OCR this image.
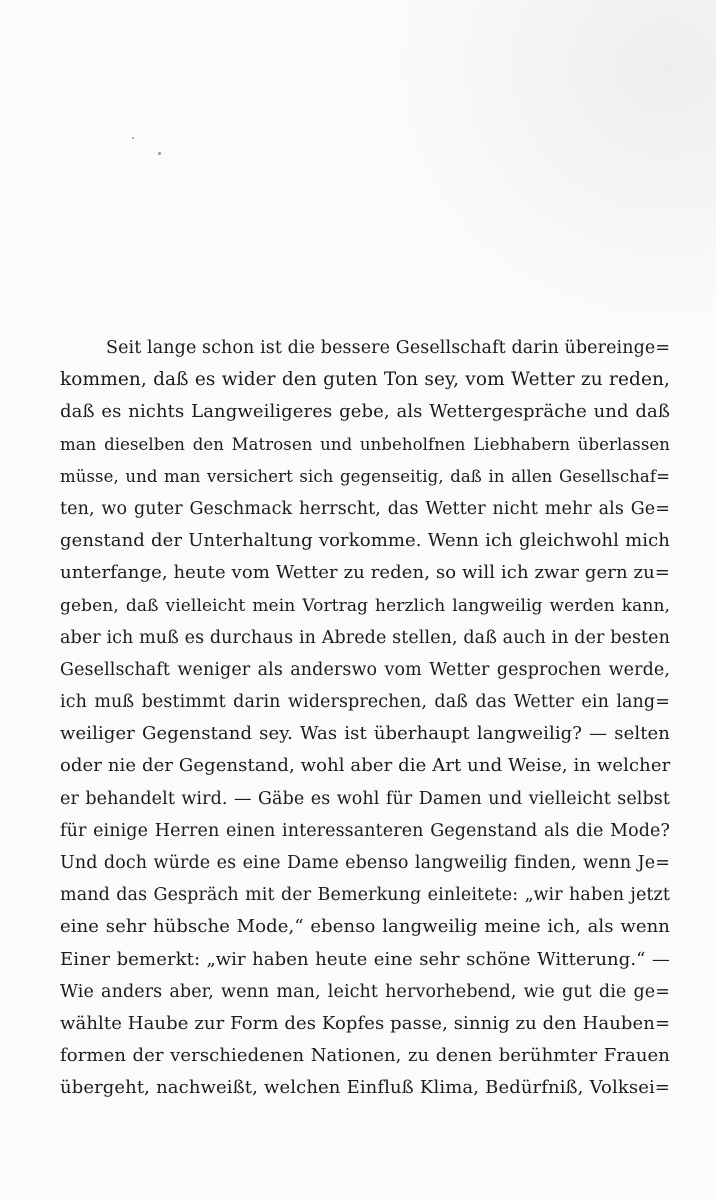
Seit lange schon ist die bessere Gesellschaft darin übereinge=
kommen, daß es wider den guten Ton sey, vom Wetter zu reden,
daß es nichts Langweiligeres gebe, als Wettergespräche und daß
man dieselben den Matrosen und unbeholfnen Liebhabern überlassen
müsse, und man versichert sich gegenseitig, daß in allen Gesellschaf=
ten, wo guter Geschmack herrscht, das Wetter nicht mehr als Ge=
genstand der Unterhaltung vorkomme. Wenn ich gleichwohl mich
unterfange, heute vom Wetter zu reden, so will ich zwar gern zu=
geben, daß vielleicht mein Vortrag herzlich langweilig werden kann,
aber ich muß es durchaus in Abrede stellen, daß auch in der besten
Gesellschaft weniger als anderswo vom Wetter gesprochen werde,
ich muß bestimmt darin widersprechen, daß das Wetter ein lang=
weiliger Gegenstand sey. Was ist überhaupt langweilig? — selten
oder nie der Gegenstand, wohl aber die Art und Weise, in welcher
er behandelt wird. — Gäbe es wohl für Damen und vielleicht selbst
für einige Herren einen interessanteren Gegenstand als die Mode?
Und doch würde es eine Dame ebenso langweilig finden, wenn Je=
mand das Gespräch mit der Bemerkung einleitete: „wir haben jetzt
eine sehr hübsche Mode,“ ebenso langweilig meine ich, als wenn
Einer bemerkt: „wir haben heute eine sehr schöne Witterung.“ —
Wie anders aber, wenn man, leicht hervorhebend, wie gut die ge=
wählte Haube zur Form des Kopfes passe, sinnig zu den Hauben=
formen der verschiedenen Nationen, zu denen berühmter Frauen
übergeht, nachweißt, welchen Einfluß Klima, Bedürfniß, Volksei=
